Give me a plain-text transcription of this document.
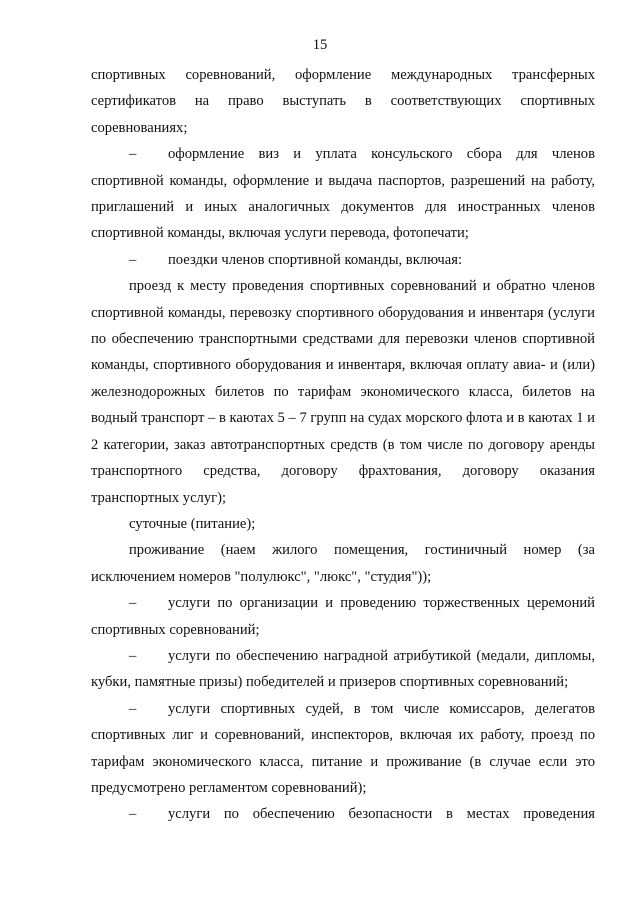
15

спортивных соревнований, оформление международных трансферных сертификатов на право выступать в соответствующих спортивных соревнованиях;

– оформление виз и уплата консульского сбора для членов спортивной команды, оформление и выдача паспортов, разрешений на работу, приглашений и иных аналогичных документов для иностранных членов спортивной команды, включая услуги перевода, фотопечати;

– поездки членов спортивной команды, включая:

проезд к месту проведения спортивных соревнований и обратно членов спортивной команды, перевозку спортивного оборудования и инвентаря (услуги по обеспечению транспортными средствами для перевозки членов спортивной команды, спортивного оборудования и инвентаря, включая оплату авиа- и (или) железнодорожных билетов по тарифам экономического класса, билетов на водный транспорт – в каютах 5 – 7 групп на судах морского флота и в каютах 1 и 2 категории, заказ автотранспортных средств (в том числе по договору аренды транспортного средства, договору фрахтования, договору оказания транспортных услуг);

суточные (питание);

проживание (наем жилого помещения, гостиничный номер (за исключением номеров "полулюкс", "люкс", "студия"));

– услуги по организации и проведению торжественных церемоний спортивных соревнований;

– услуги по обеспечению наградной атрибутикой (медали, дипломы, кубки, памятные призы) победителей и призеров спортивных соревнований;

– услуги спортивных судей, в том числе комиссаров, делегатов спортивных лиг и соревнований, инспекторов, включая их работу, проезд по тарифам экономического класса, питание и проживание (в случае если это предусмотрено регламентом соревнований);

– услуги по обеспечению безопасности в местах проведения
